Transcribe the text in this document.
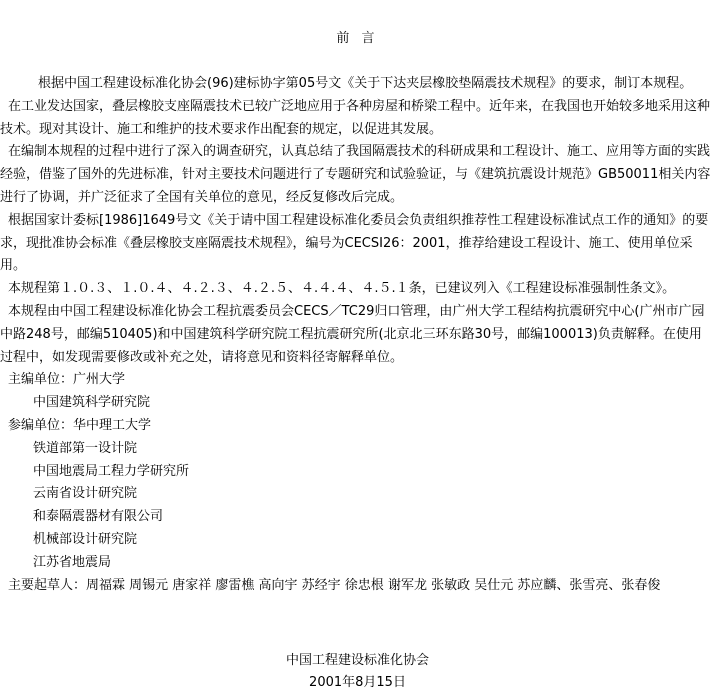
前 言

根据中国工程建设标准化协会(96)建标协字第05号文《关于下达夹层橡胶垫隔震技术规程》的要求，制订本规程。

在工业发达国家，叠层橡胶支座隔震技术已较广泛地应用于各种房屋和桥梁工程中。近年来，在我国也开始较多地采用这种技术。现对其设计、施工和维护的技术要求作出配套的规定，以促进其发展。

在编制本规程的过程中进行了深入的调查研究，认真总结了我国隔震技术的科研成果和工程设计、施工、应用等方面的实践经验，借鉴了国外的先进标准，针对主要技术问题进行了专题研究和试验验证，与《建筑抗震设计规范》GB50011相关内容进行了协调，并广泛征求了全国有关单位的意见，经反复修改后完成。

根据国家计委标[1986]1649号文《关于请中国工程建设标准化委员会负责组织推荐性工程建设标准试点工作的通知》的要求，现批准协会标准《叠层橡胶支座隔震技术规程》，编号为CECSI26：2001，推荐给建设工程设计、施工、使用单位采用。

本规程第１.０.３、１.０.４、４.２.３、４.２.５、４.４.４、４.５.１条，已建议列入《工程建设标准强制性条文》。

本规程由中国工程建设标准化协会工程抗震委员会CECS／TC29归口管理，由广州大学工程结构抗震研究中心(广州市广园中路248号，邮编510405)和中国建筑科学研究院工程抗震研究所(北京北三环东路30号，邮编100013)负责解释。在使用过程中，如发现需要修改或补充之处，请将意见和资料径寄解释单位。

主编单位：广州大学

中国建筑科学研究院

参编单位：华中理工大学

铁道部第一设计院

中国地震局工程力学研究所

云南省设计研究院

和泰隔震器材有限公司

机械部设计研究院

江苏省地震局

主要起草人：周福霖 周锡元 唐家祥 廖雷樵 高向宇 苏经宇 徐忠根 谢军龙 张敏政 吴仕元 苏应麟、张雪亮、张春俊

中国工程建设标准化协会
2001年8月15日
